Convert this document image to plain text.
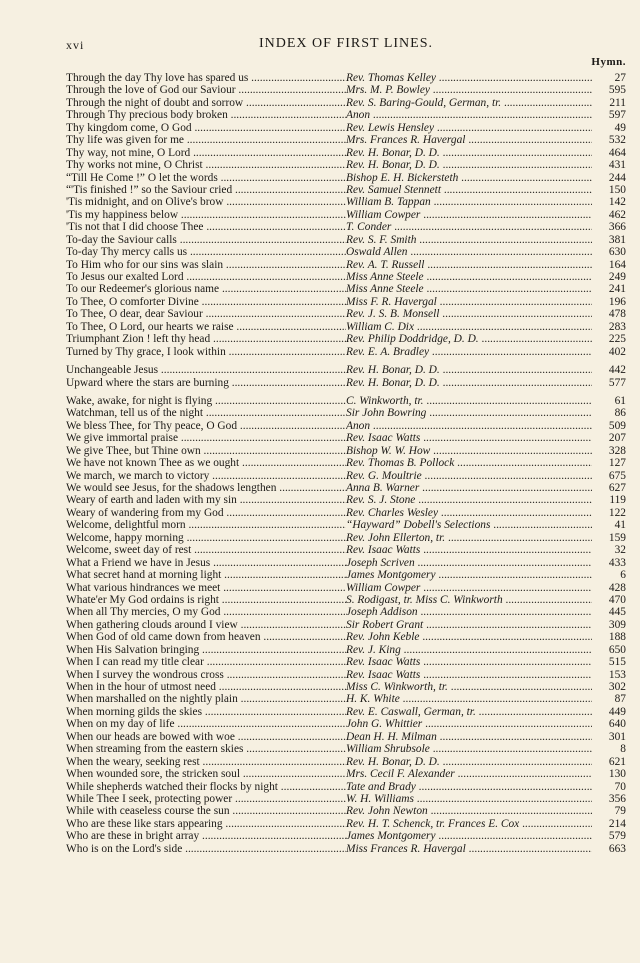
xvi	INDEX OF FIRST LINES.
Hymn.
Through the day Thy love has spared us .....	Rev. Thomas Kelley .....	27
Through the love of God our Saviour .....	Mrs. M. P. Bowley .....	595
Through the night of doubt and sorrow .....	Rev. S. Baring-Gould, German, tr. .....	211
Through Thy precious body broken .....	Anon .....	597
Thy kingdom come, O God .....	Rev. Lewis Hensley .....	49
Thy life was given for me .....	Mrs. Frances R. Havergal .....	532
Thy way, not mine, O Lord .....	Rev. H. Bonar, D. D. .....	464
Thy works not mine, O Christ .....	Rev. H. Bonar, D. D. .....	431
“Till He Come !” O let the words .....	Bishop E. H. Bickersteth .....	244
“'Tis finished !” so the Saviour cried .....	Rev. Samuel Stennett .....	150
'Tis midnight, and on Olive's brow .....	William B. Tappan .....	142
'Tis my happiness below .....	William Cowper .....	462
'Tis not that I did choose Thee .....	T. Conder .....	366
To-day the Saviour calls .....	Rev. S. F. Smith .....	381
To-day Thy mercy calls us .....	Oswald Allen .....	630
To Him who for our sins was slain .....	Rev. A. T. Russell .....	164
To Jesus our exalted Lord .....	Miss Anne Steele .....	249
To our Redeemer's glorious name .....	Miss Anne Steele .....	241
To Thee, O comforter Divine .....	Miss F. R. Havergal .....	196
To Thee, O dear, dear Saviour .....	Rev. J. S. B. Monsell .....	478
To Thee, O Lord, our hearts we raise .....	William C. Dix .....	283
Triumphant Zion ! left thy head .....	Rev. Philip Doddridge, D. D. .....	225
Turned by Thy grace, I look within .....	Rev. E. A. Bradley .....	402
Unchangeable Jesus .....	Rev. H. Bonar, D. D. .....	442
Upward where the stars are burning .....	Rev. H. Bonar, D. D. .....	577
Wake, awake, for night is flying .....	C. Winkworth, tr. .....	61
Watchman, tell us of the night .....	Sir John Bowring .....	86
We bless Thee, for Thy peace, O God .....	Anon .....	509
We give immortal praise .....	Rev. Isaac Watts .....	207
We give Thee, but Thine own .....	Bishop W. W. How .....	328
We have not known Thee as we ought .....	Rev. Thomas B. Pollock .....	127
We march, we march to victory .....	Rev. G. Moultrie .....	675
We would see Jesus, for the shadows lengthen .....	Anna B. Warner .....	627
Weary of earth and laden with my sin .....	Rev. S. J. Stone .....	119
Weary of wandering from my God .....	Rev. Charles Wesley .....	122
Welcome, delightful morn .....	“Hayward” Dobell's Selections .....	41
Welcome, happy morning .....	Rev. John Ellerton, tr. .....	159
Welcome, sweet day of rest .....	Rev. Isaac Watts .....	32
What a Friend we have in Jesus .....	Joseph Scriven .....	433
What secret hand at morning light .....	James Montgomery .....	6
What various hindrances we meet .....	William Cowper .....	428
Whate'er My God ordains is right .....	S. Rodigast, tr. Miss C. Winkworth .....	470
When all Thy mercies, O my God .....	Joseph Addison .....	445
When gathering clouds around I view .....	Sir Robert Grant .....	309
When God of old came down from heaven .....	Rev. John Keble .....	188
When His Salvation bringing .....	Rev. J. King .....	650
When I can read my title clear .....	Rev. Isaac Watts .....	515
When I survey the wondrous cross .....	Rev. Isaac Watts .....	153
When in the hour of utmost need .....	Miss C. Winkworth, tr. .....	302
When marshalled on the nightly plain .....	H. K. White .....	87
When morning gilds the skies .....	Rev. E. Caswall, German, tr. .....	449
When on my day of life .....	John G. Whittier .....	640
When our heads are bowed with woe .....	Dean H. H. Milman .....	301
When streaming from the eastern skies .....	William Shrubsole .....	8
When the weary, seeking rest .....	Rev. H. Bonar, D. D. .....	621
When wounded sore, the stricken soul .....	Mrs. Cecil F. Alexander .....	130
While shepherds watched their flocks by night .....	Tate and Brady .....	70
While Thee I seek, protecting power .....	W. H. Williams .....	356
While with ceaseless course the sun .....	Rev. John Newton .....	79
Who are these like stars appearing .....	Rev. H. T. Schenck, tr. Frances E. Cox .....	214
Who are these in bright array .....	James Montgomery .....	579
Who is on the Lord's side .....	Miss Frances R. Havergal .....	663
